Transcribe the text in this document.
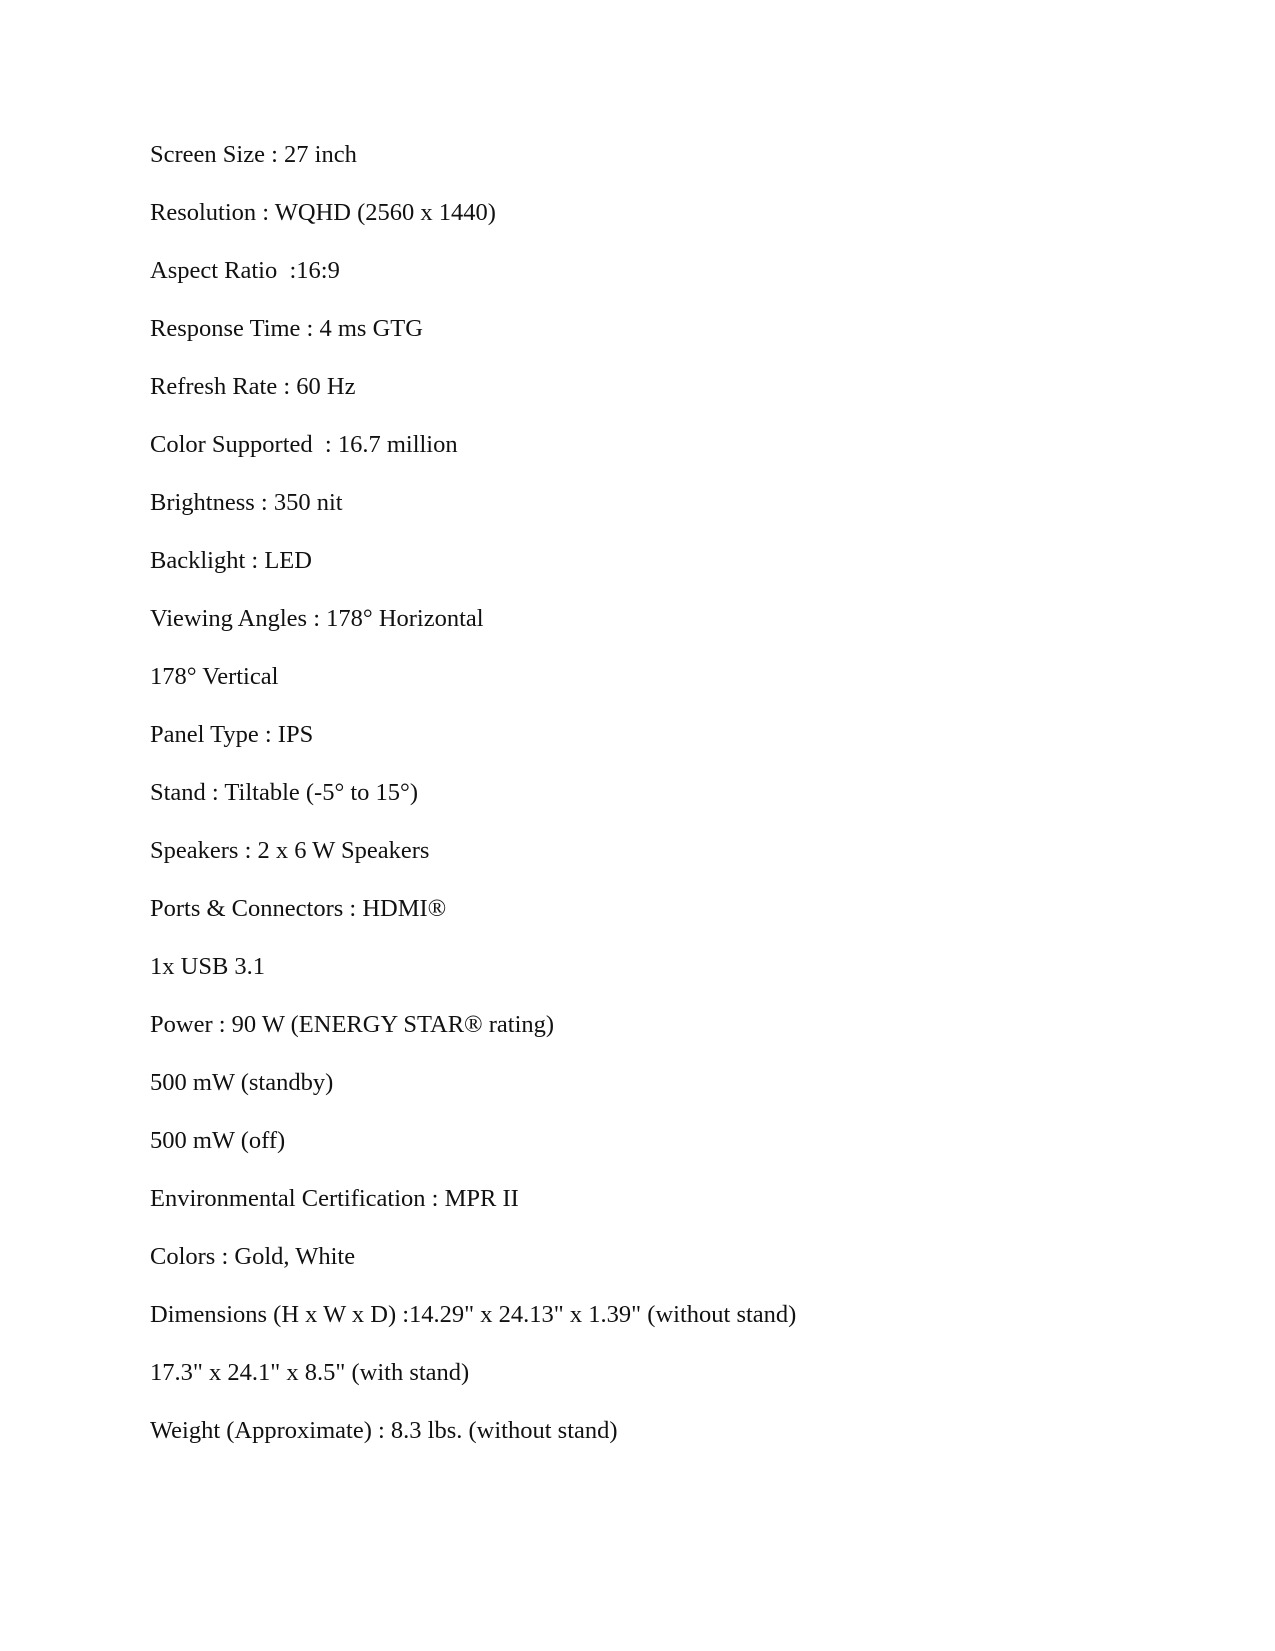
Screen Size : 27 inch
Resolution : WQHD (2560 x 1440)
Aspect Ratio  :16:9
Response Time : 4 ms GTG
Refresh Rate : 60 Hz
Color Supported  : 16.7 million
Brightness : 350 nit
Backlight : LED
Viewing Angles : 178° Horizontal
178° Vertical
Panel Type : IPS
Stand : Tiltable (-5° to 15°)
Speakers : 2 x 6 W Speakers
Ports & Connectors : HDMI®
1x USB 3.1
Power : 90 W (ENERGY STAR® rating)
500 mW (standby)
500 mW (off)
Environmental Certification : MPR II
Colors : Gold, White
Dimensions (H x W x D) :14.29" x 24.13" x 1.39" (without stand)
17.3" x 24.1" x 8.5" (with stand)
Weight (Approximate) : 8.3 lbs. (without stand)
